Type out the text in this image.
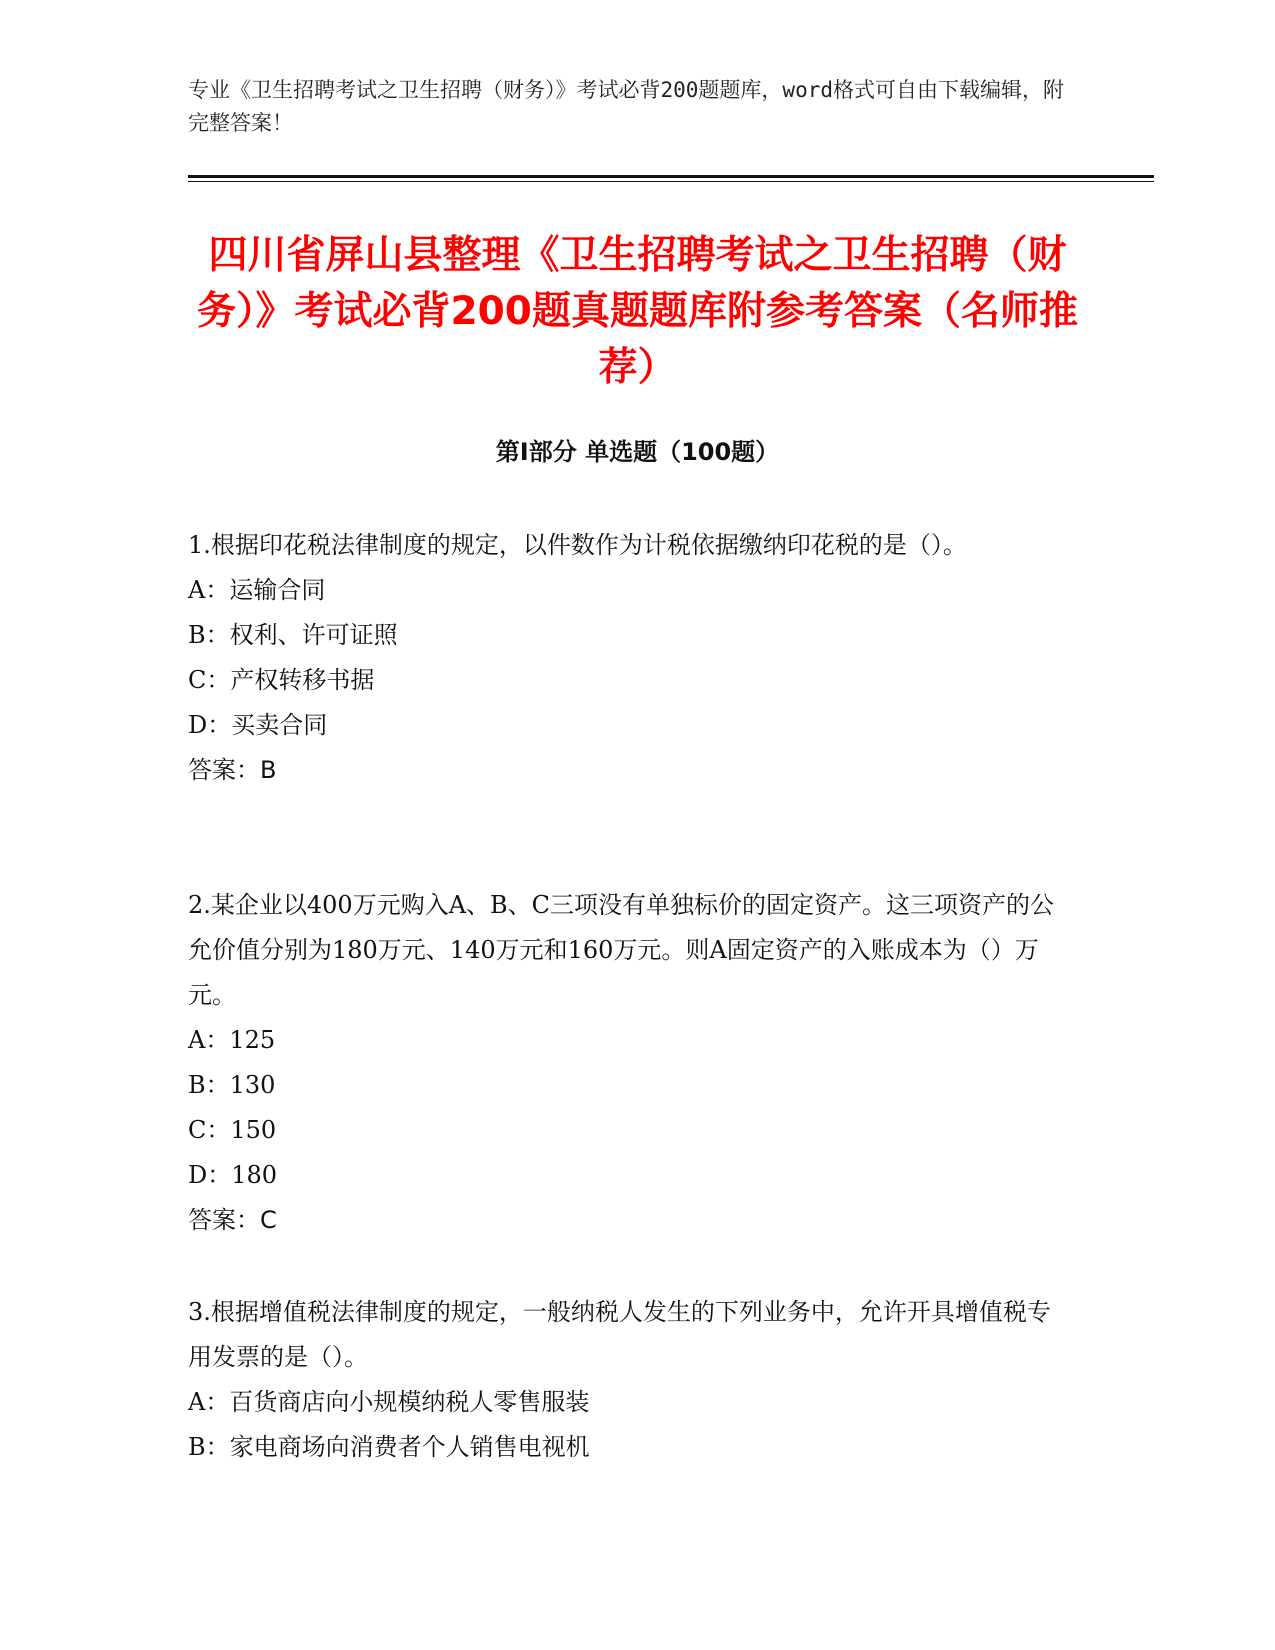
专业《卫生招聘考试之卫生招聘（财务）》考试必背200题题库，word格式可自由下载编辑，附完整答案！
四川省屏山县整理《卫生招聘考试之卫生招聘（财务）》考试必背200题真题题库附参考答案（名师推荐）
第I部分 单选题（100题）

1.根据印花税法律制度的规定，以件数作为计税依据缴纳印花税的是（）。

A：运输合同

B：权利、许可证照

C：产权转移书据

D：买卖合同

答案：B

2.某企业以400万元购入A、B、C三项没有单独标价的固定资产。这三项资产的公允价值分别为180万元、140万元和160万元。则A固定资产的入账成本为（）万元。

A：125

B：130

C：150

D：180

答案：C

3.根据增值税法律制度的规定，一般纳税人发生的下列业务中，允许开具增值税专用发票的是（）。

A：百货商店向小规模纳税人零售服装

B：家电商场向消费者个人销售电视机
